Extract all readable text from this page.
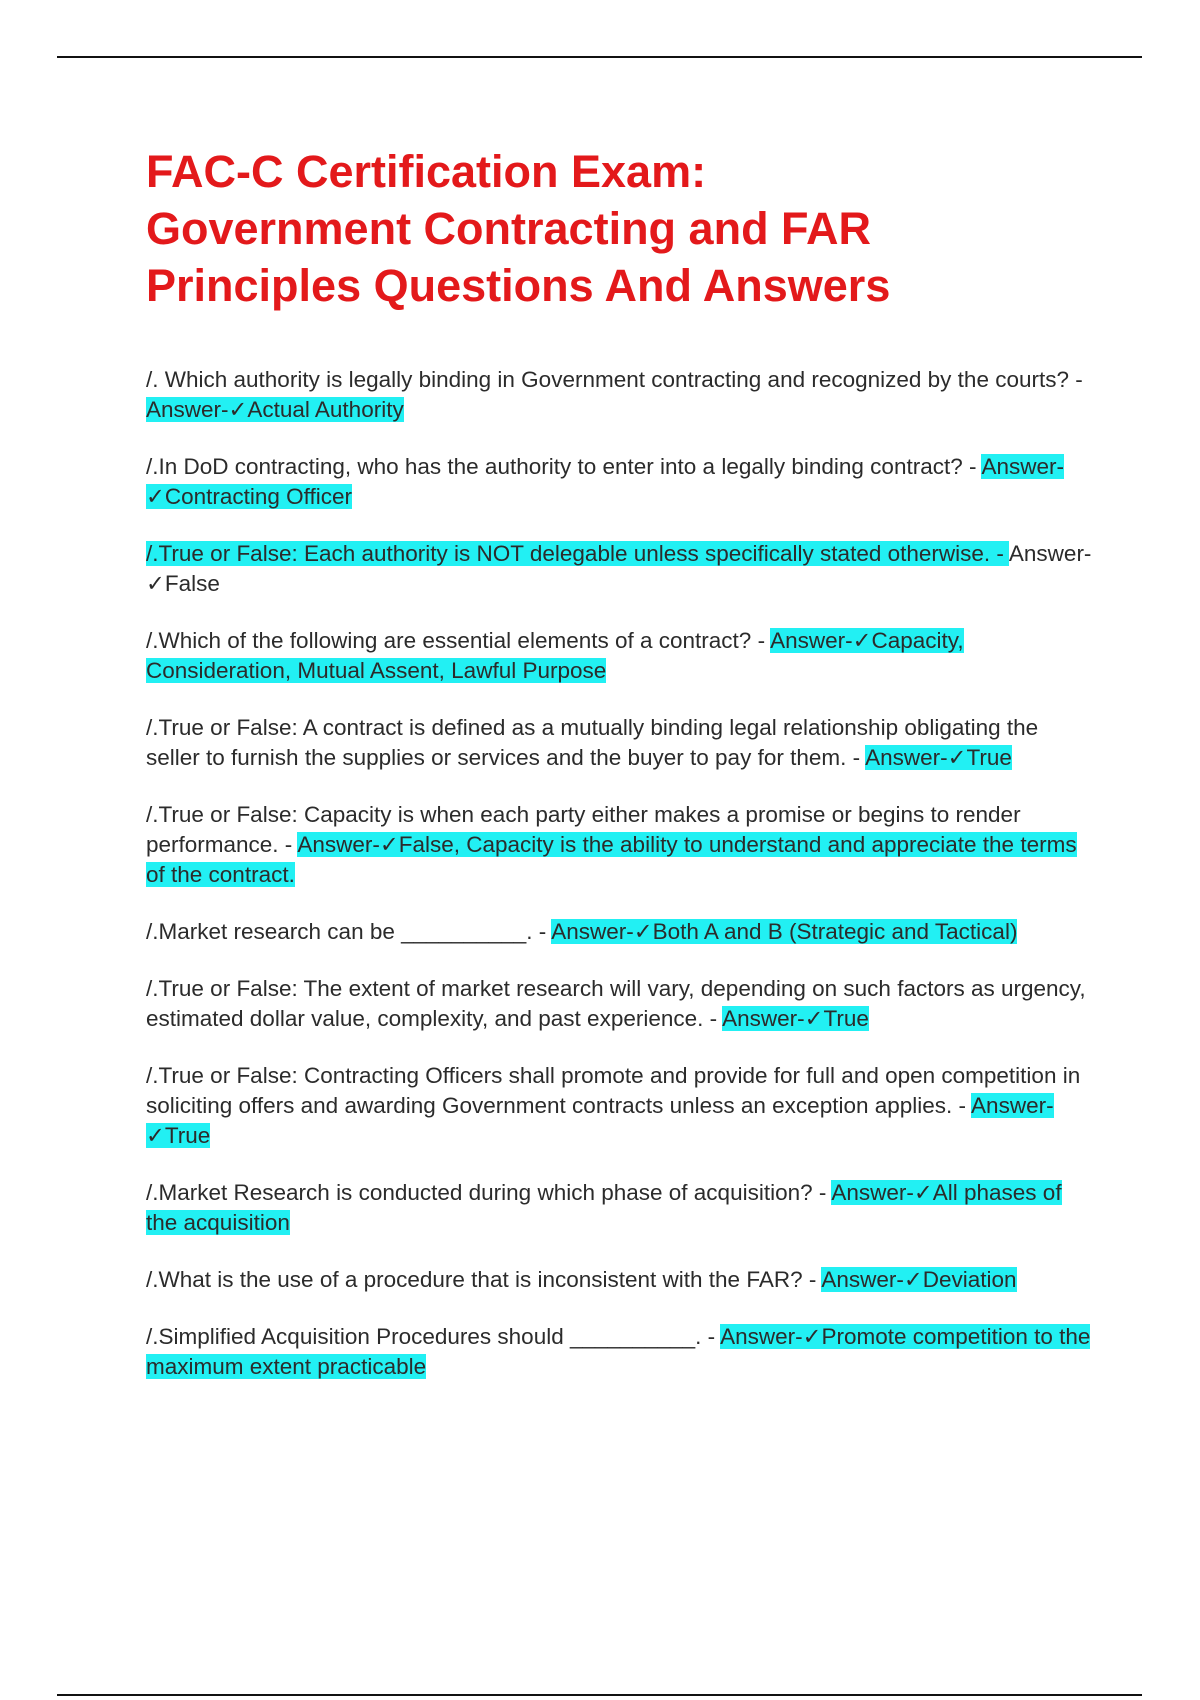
FAC-C Certification Exam:
Government Contracting and FAR
Principles Questions And Answers

/. Which authority is legally binding in Government contracting and recognized by the courts? - Answer-✓Actual Authority

/.In DoD contracting, who has the authority to enter into a legally binding contract? - Answer-✓Contracting Officer

/.True or False: Each authority is NOT delegable unless specifically stated otherwise. - Answer-✓False

/.Which of the following are essential elements of a contract? - Answer-✓Capacity, Consideration, Mutual Assent, Lawful Purpose

/.True or False: A contract is defined as a mutually binding legal relationship obligating the seller to furnish the supplies or services and the buyer to pay for them. - Answer-✓True

/.True or False: Capacity is when each party either makes a promise or begins to render performance. - Answer-✓False, Capacity is the ability to understand and appreciate the terms of the contract.

/.Market research can be __________. - Answer-✓Both A and B (Strategic and Tactical)

/.True or False: The extent of market research will vary, depending on such factors as urgency, estimated dollar value, complexity, and past experience. - Answer-✓True

/.True or False: Contracting Officers shall promote and provide for full and open competition in soliciting offers and awarding Government contracts unless an exception applies. - Answer-✓True

/.Market Research is conducted during which phase of acquisition? - Answer-✓All phases of the acquisition

/.What is the use of a procedure that is inconsistent with the FAR? - Answer-✓Deviation

/.Simplified Acquisition Procedures should __________. - Answer-✓Promote competition to the maximum extent practicable
